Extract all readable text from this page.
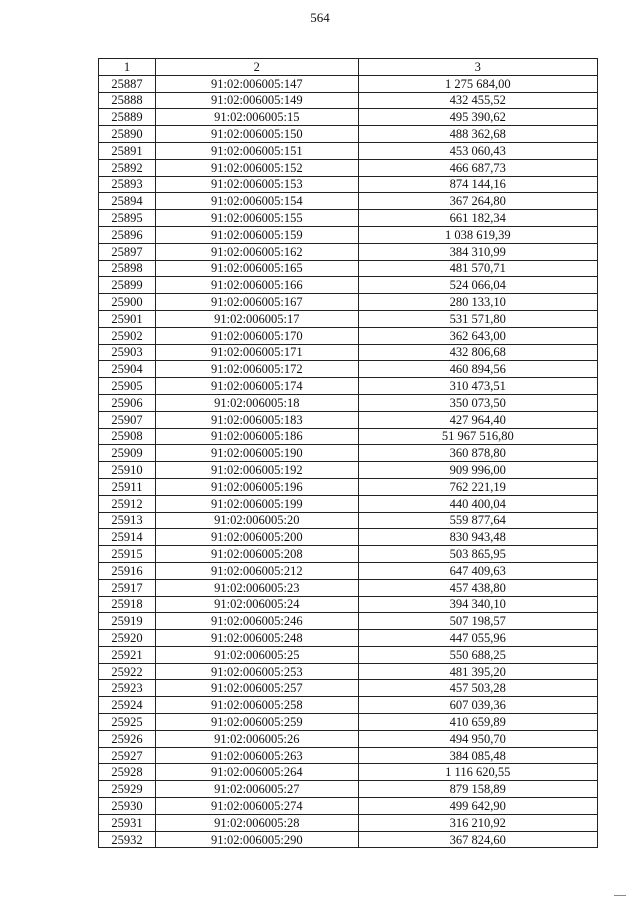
564
1	2	3
25887	91:02:006005:147	1 275 684,00
25888	91:02:006005:149	432 455,52
25889	91:02:006005:15	495 390,62
25890	91:02:006005:150	488 362,68
25891	91:02:006005:151	453 060,43
25892	91:02:006005:152	466 687,73
25893	91:02:006005:153	874 144,16
25894	91:02:006005:154	367 264,80
25895	91:02:006005:155	661 182,34
25896	91:02:006005:159	1 038 619,39
25897	91:02:006005:162	384 310,99
25898	91:02:006005:165	481 570,71
25899	91:02:006005:166	524 066,04
25900	91:02:006005:167	280 133,10
25901	91:02:006005:17	531 571,80
25902	91:02:006005:170	362 643,00
25903	91:02:006005:171	432 806,68
25904	91:02:006005:172	460 894,56
25905	91:02:006005:174	310 473,51
25906	91:02:006005:18	350 073,50
25907	91:02:006005:183	427 964,40
25908	91:02:006005:186	51 967 516,80
25909	91:02:006005:190	360 878,80
25910	91:02:006005:192	909 996,00
25911	91:02:006005:196	762 221,19
25912	91:02:006005:199	440 400,04
25913	91:02:006005:20	559 877,64
25914	91:02:006005:200	830 943,48
25915	91:02:006005:208	503 865,95
25916	91:02:006005:212	647 409,63
25917	91:02:006005:23	457 438,80
25918	91:02:006005:24	394 340,10
25919	91:02:006005:246	507 198,57
25920	91:02:006005:248	447 055,96
25921	91:02:006005:25	550 688,25
25922	91:02:006005:253	481 395,20
25923	91:02:006005:257	457 503,28
25924	91:02:006005:258	607 039,36
25925	91:02:006005:259	410 659,89
25926	91:02:006005:26	494 950,70
25927	91:02:006005:263	384 085,48
25928	91:02:006005:264	1 116 620,55
25929	91:02:006005:27	879 158,89
25930	91:02:006005:274	499 642,90
25931	91:02:006005:28	316 210,92
25932	91:02:006005:290	367 824,60
